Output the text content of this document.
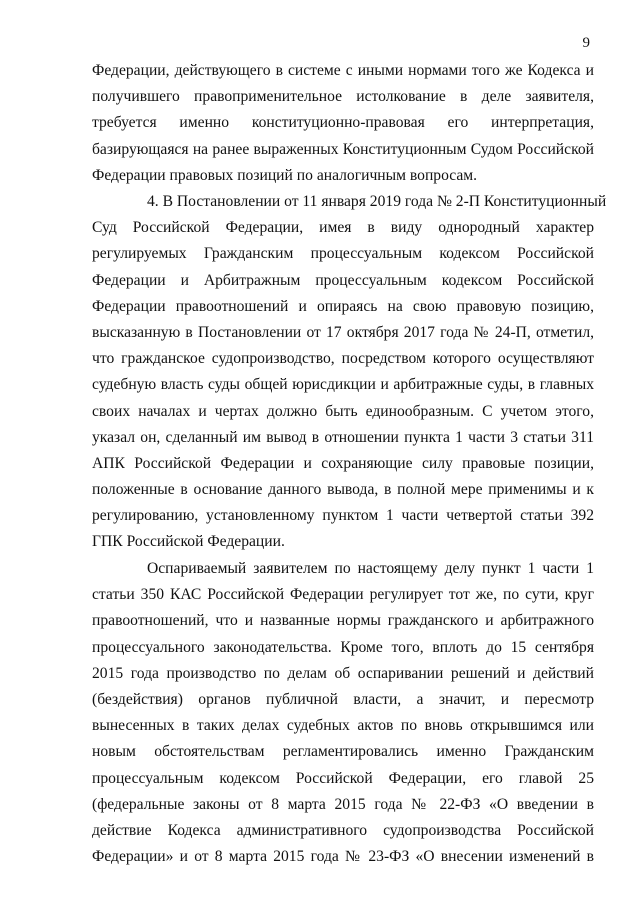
9
Федерации, действующего в системе с иными нормами того же Кодекса и
получившего правоприменительное истолкование в деле заявителя,
требуется именно конституционно-правовая его интерпретация,
базирующаяся на ранее выраженных Конституционным Судом Российской
Федерации правовых позиций по аналогичным вопросам.
4. В Постановлении от 11 января 2019 года № 2-П Конституционный
Суд Российской Федерации, имея в виду однородный характер
регулируемых Гражданским процессуальным кодексом Российской
Федерации и Арбитражным процессуальным кодексом Российской
Федерации правоотношений и опираясь на свою правовую позицию,
высказанную в Постановлении от 17 октября 2017 года № 24-П, отметил,
что гражданское судопроизводство, посредством которого осуществляют
судебную власть суды общей юрисдикции и арбитражные суды, в главных
своих началах и чертах должно быть единообразным. С учетом этого,
указал он, сделанный им вывод в отношении пункта 1 части 3 статьи 311
АПК Российской Федерации и сохраняющие силу правовые позиции,
положенные в основание данного вывода, в полной мере применимы и к
регулированию, установленному пунктом 1 части четвертой статьи 392
ГПК Российской Федерации.
Оспариваемый заявителем по настоящему делу пункт 1 части 1
статьи 350 КАС Российской Федерации регулирует тот же, по сути, круг
правоотношений, что и названные нормы гражданского и арбитражного
процессуального законодательства. Кроме того, вплоть до 15 сентября
2015 года производство по делам об оспаривании решений и действий
(бездействия) органов публичной власти, а значит, и пересмотр
вынесенных в таких делах судебных актов по вновь открывшимся или
новым обстоятельствам регламентировались именно Гражданским
процессуальным кодексом Российской Федерации, его главой 25
(федеральные законы от 8 марта 2015 года № 22-ФЗ «О введении в
действие Кодекса административного судопроизводства Российской
Федерации» и от 8 марта 2015 года № 23-ФЗ «О внесении изменений в
